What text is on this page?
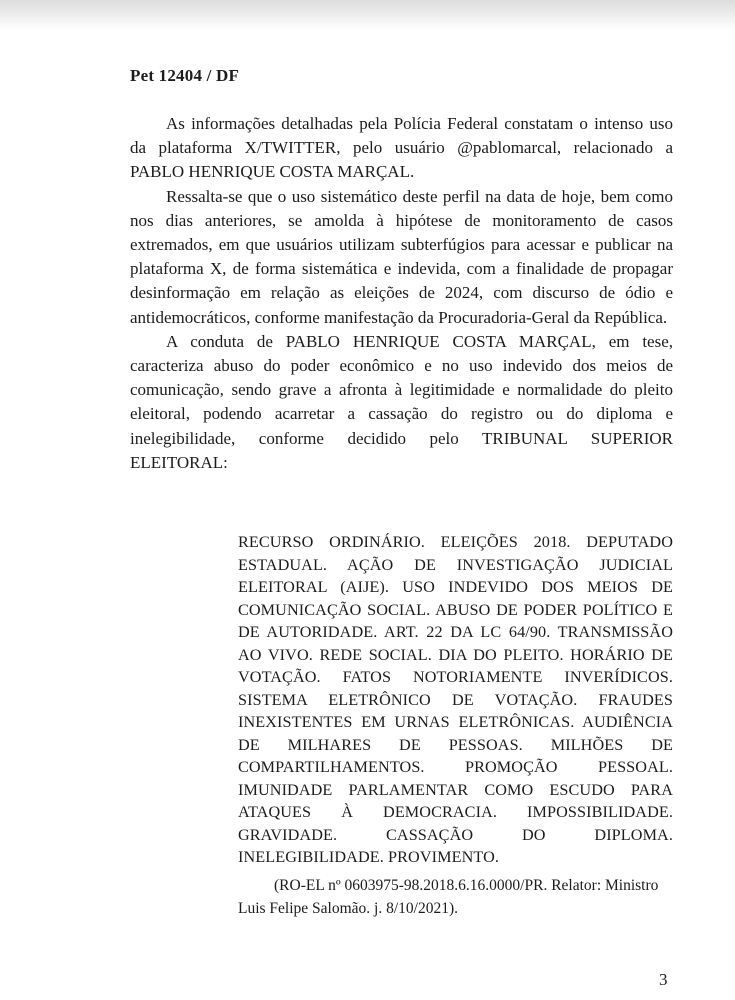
Pet 12404 / DF

As informações detalhadas pela Polícia Federal constatam o intenso uso da plataforma X/TWITTER, pelo usuário @pablomarcal, relacionado a PABLO HENRIQUE COSTA MARÇAL.

Ressalta-se que o uso sistemático deste perfil na data de hoje, bem como nos dias anteriores, se amolda à hipótese de monitoramento de casos extremados, em que usuários utilizam subterfúgios para acessar e publicar na plataforma X, de forma sistemática e indevida, com a finalidade de propagar desinformação em relação as eleições de 2024, com discurso de ódio e antidemocráticos, conforme manifestação da Procuradoria-Geral da República.

A conduta de PABLO HENRIQUE COSTA MARÇAL, em tese, caracteriza abuso do poder econômico e no uso indevido dos meios de comunicação, sendo grave a afronta à legitimidade e normalidade do pleito eleitoral, podendo acarretar a cassação do registro ou do diploma e inelegibilidade, conforme decidido pelo TRIBUNAL SUPERIOR ELEITORAL:

RECURSO ORDINÁRIO. ELEIÇÕES 2018. DEPUTADO ESTADUAL. AÇÃO DE INVESTIGAÇÃO JUDICIAL ELEITORAL (AIJE). USO INDEVIDO DOS MEIOS DE COMUNICAÇÃO SOCIAL. ABUSO DE PODER POLÍTICO E DE AUTORIDADE. ART. 22 DA LC 64/90. TRANSMISSÃO AO VIVO. REDE SOCIAL. DIA DO PLEITO. HORÁRIO DE VOTAÇÃO. FATOS NOTORIAMENTE INVERÍDICOS. SISTEMA ELETRÔNICO DE VOTAÇÃO. FRAUDES INEXISTENTES EM URNAS ELETRÔNICAS. AUDIÊNCIA DE MILHARES DE PESSOAS. MILHÕES DE COMPARTILHAMENTOS. PROMOÇÃO PESSOAL. IMUNIDADE PARLAMENTAR COMO ESCUDO PARA ATAQUES À DEMOCRACIA. IMPOSSIBILIDADE. GRAVIDADE. CASSAÇÃO DO DIPLOMA. INELEGIBILIDADE. PROVIMENTO.
(RO-EL nº 0603975-98.2018.6.16.0000/PR. Relator: Ministro Luis Felipe Salomão. j. 8/10/2021).
3
